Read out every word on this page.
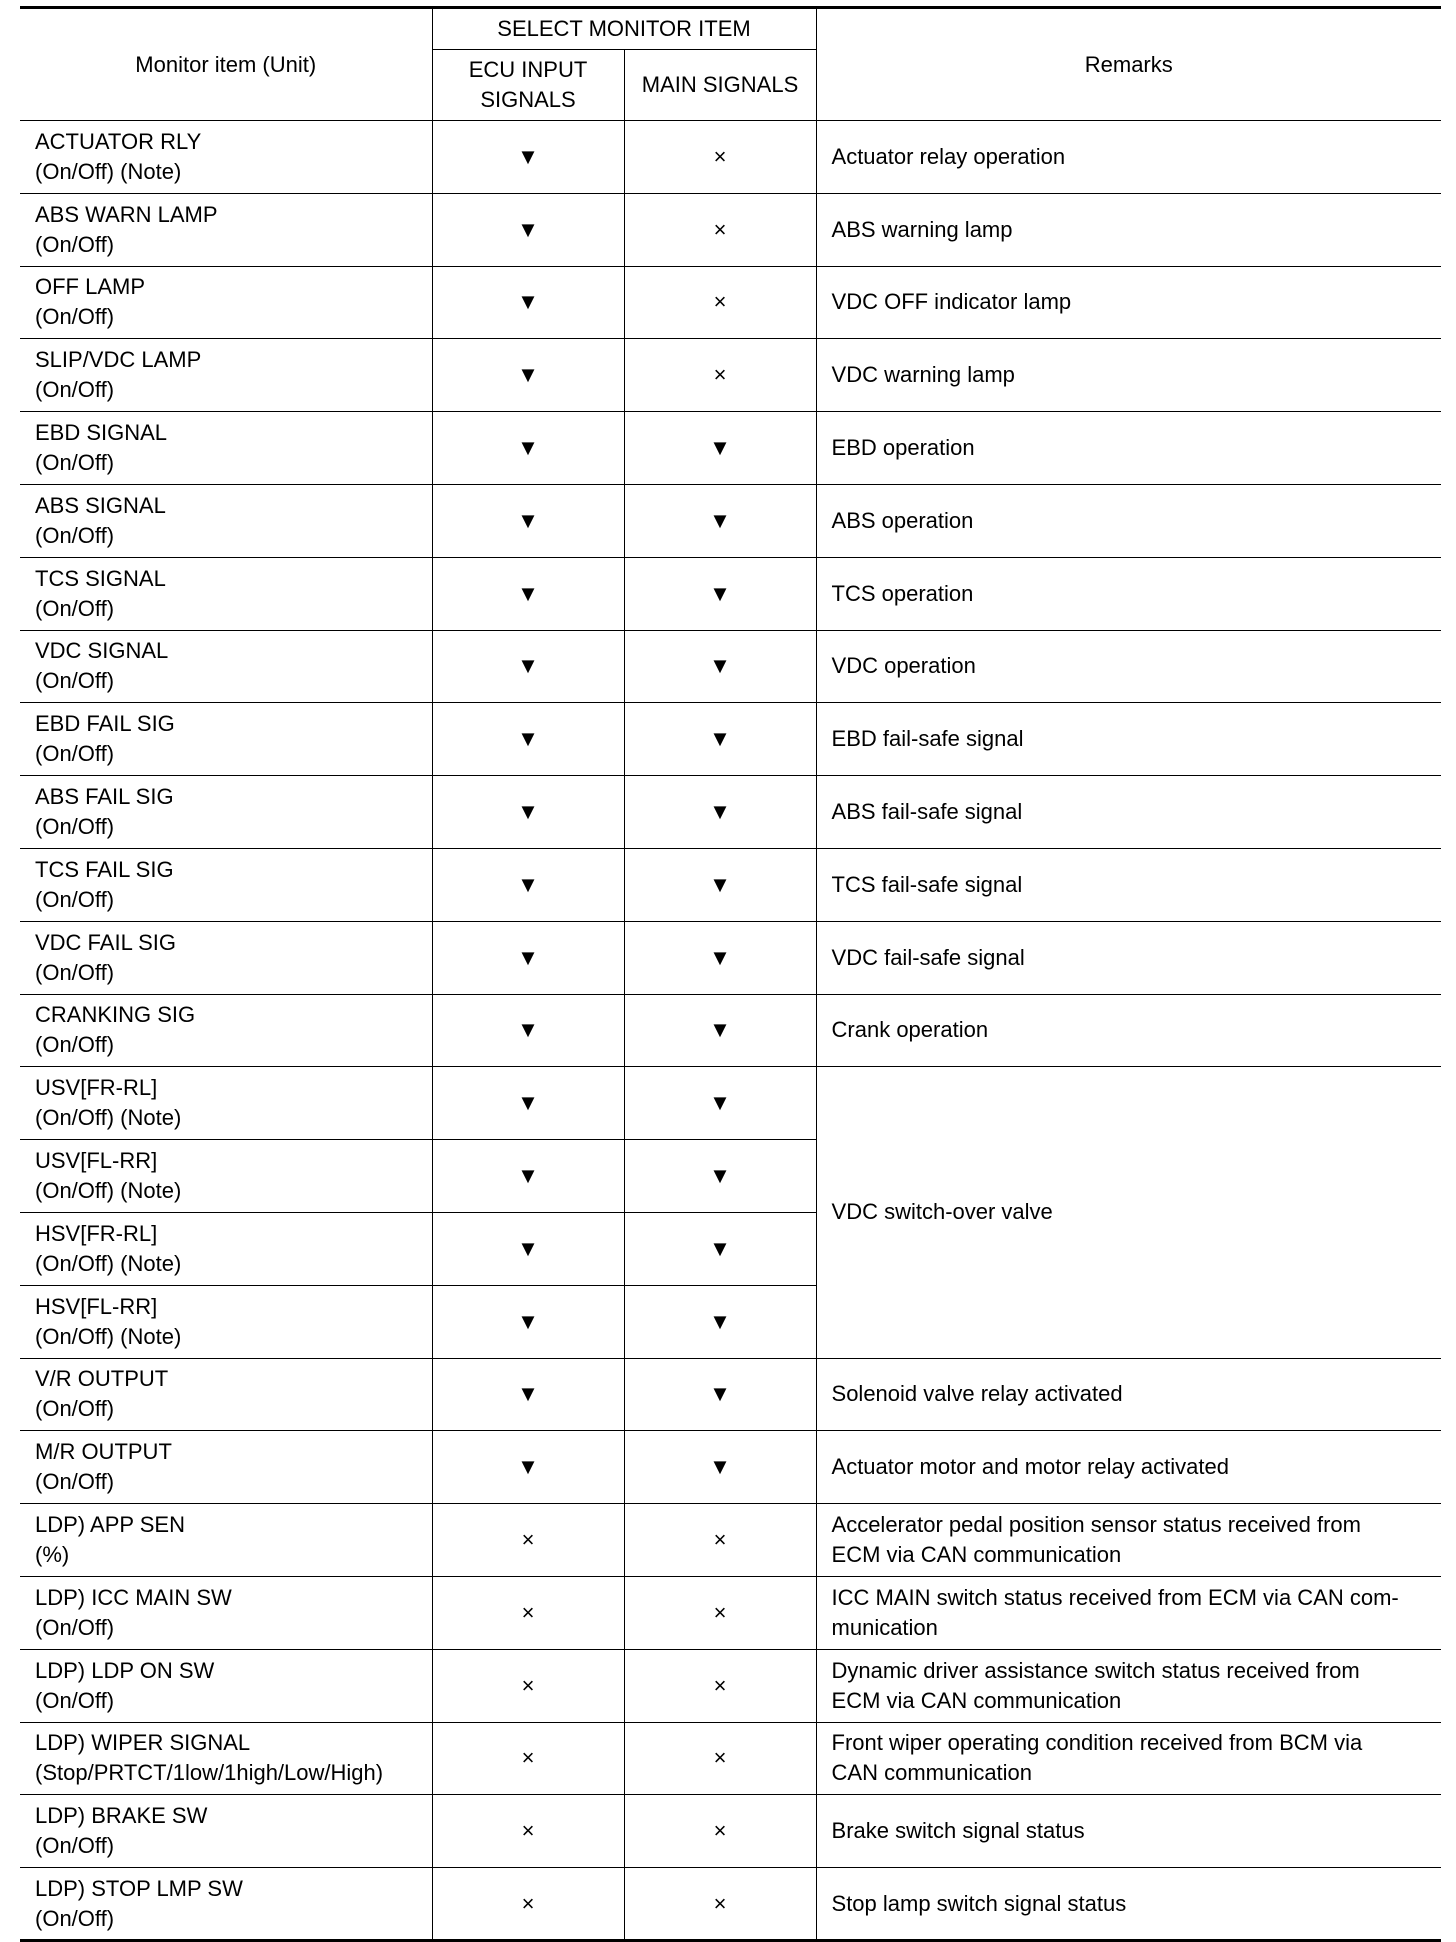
Monitor item (Unit)	SELECT MONITOR ITEM		Remarks

	ECU INPUT
SIGNALS	MAIN SIGNALS	

ACTUATOR RLY
(On/Off) (Note)	▼	×	Actuator relay operation

ABS WARN LAMP
(On/Off)	▼	×	ABS warning lamp

OFF LAMP
(On/Off)	▼	×	VDC OFF indicator lamp

SLIP/VDC LAMP
(On/Off)	▼	×	VDC warning lamp

EBD SIGNAL
(On/Off)	▼	▼	EBD operation

ABS SIGNAL
(On/Off)	▼	▼	ABS operation

TCS SIGNAL
(On/Off)	▼	▼	TCS operation

VDC SIGNAL
(On/Off)	▼	▼	VDC operation

EBD FAIL SIG
(On/Off)	▼	▼	EBD fail-safe signal

ABS FAIL SIG
(On/Off)	▼	▼	ABS fail-safe signal

TCS FAIL SIG
(On/Off)	▼	▼	TCS fail-safe signal

VDC FAIL SIG
(On/Off)	▼	▼	VDC fail-safe signal

CRANKING SIG
(On/Off)	▼	▼	Crank operation

USV[FR-RL]
(On/Off) (Note)	▼	▼	VDC switch-over valve

USV[FL-RR]
(On/Off) (Note)	▼	▼	

HSV[FR-RL]
(On/Off) (Note)	▼	▼	

HSV[FL-RR]
(On/Off) (Note)	▼	▼	

V/R OUTPUT
(On/Off)	▼	▼	Solenoid valve relay activated

M/R OUTPUT
(On/Off)	▼	▼	Actuator motor and motor relay activated

LDP) APP SEN
(%)	×	×	Accelerator pedal position sensor status received from
ECM via CAN communication

LDP) ICC MAIN SW
(On/Off)	×	×	ICC MAIN switch status received from ECM via CAN com-
munication

LDP) LDP ON SW
(On/Off)	×	×	Dynamic driver assistance switch status received from
ECM via CAN communication

LDP) WIPER SIGNAL
(Stop/PRTCT/1low/1high/Low/High)	×	×	Front wiper operating condition received from BCM via
CAN communication

LDP) BRAKE SW
(On/Off)	×	×	Brake switch signal status

LDP) STOP LMP SW
(On/Off)	×	×	Stop lamp switch signal status
